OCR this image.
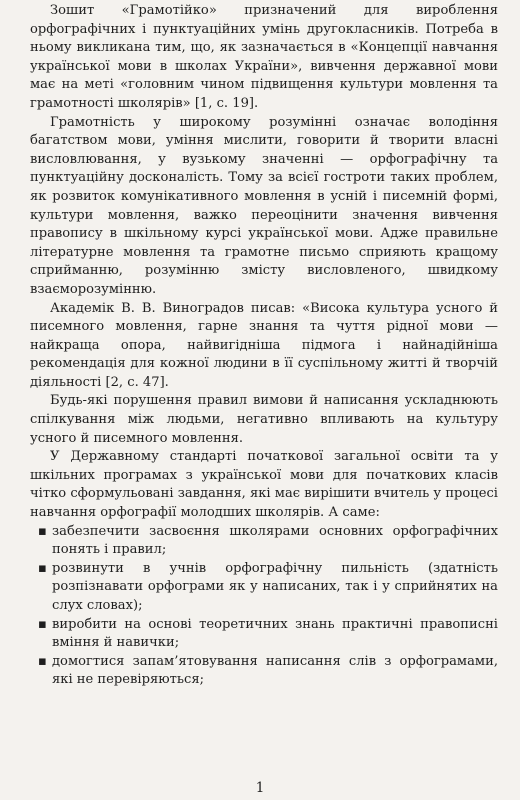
Зошит «Грамотійко» призначений для вироблення орфографічних і пунктуаційних умінь другокласників. Потреба в ньому викликана тим, що, як зазначається в «Концепції навчання української мови в школах України», вивчення державної мови має на меті «головним чином підвищення культури мовлення та грамотності школярів» [1, с. 19].

Грамотність у широкому розумінні означає володіння багатством мови, уміння мислити, говорити й творити власні висловлювання, у вузькому значенні — орфографічну та пунктуаційну досконалість. Тому за всієї гостроти таких проблем, як розвиток комунікативного мовлення в усній і писемній формі, культури мовлення, важко переоцінити значення вивчення правопису в шкільному курсі української мови. Адже правильне літературне мовлення та грамотне письмо сприяють кращому сприйманню, розумінню змісту висловленого, швидкому взаєморозумінню.

Академік В. В. Виноградов писав: «Висока культура усного й писемного мовлення, гарне знання та чуття рідної мови — найкраща опора, найвигідніша підмога і найнадійніша рекомендація для кожної людини в її суспільному житті й творчій діяльності [2, с. 47].

Будь-які порушення правил вимови й написання ускладнюють спілкування між людьми, негативно впливають на культуру усного й писемного мовлення.

У Державному стандарті початкової загальної освіти та у шкільних програмах з української мови для початкових класів чітко сформульовані завдання, які має вирішити вчитель у процесі навчання орфографії молодших школярів. А саме:

▪ забезпечити засвоєння школярами основних орфографічних понять і правил;
▪ розвинути в учнів орфографічну пильність (здатність розпізнавати орфограми як у написаних, так і у сприйнятих на слух словах);
▪ виробити на основі теоретичних знань практичні правописні вміння й навички;
▪ домогтися запам’ятовування написання слів з орфограмами, які не перевіряються;
1
